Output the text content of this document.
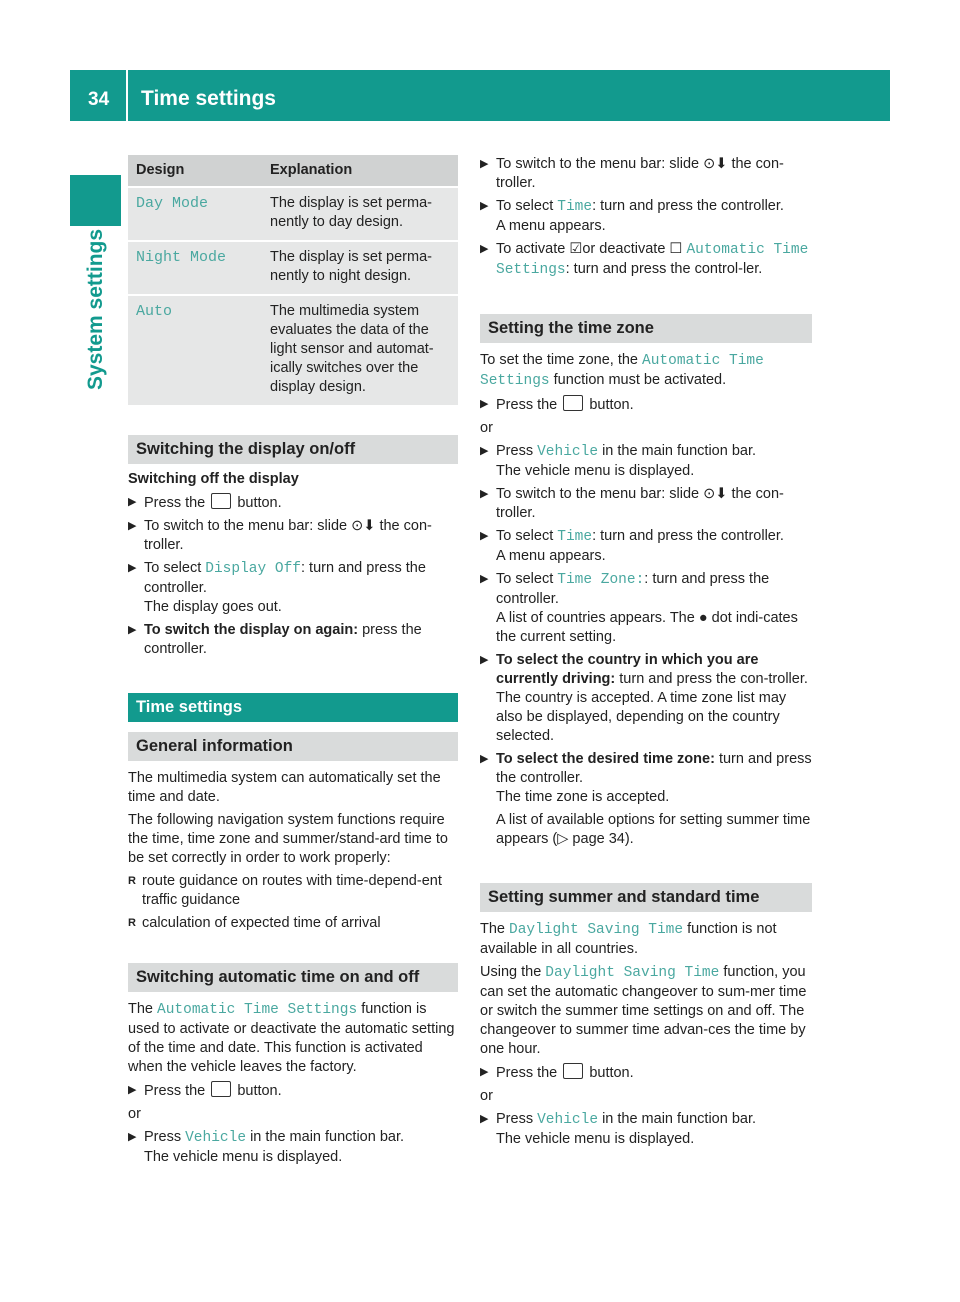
34 Time settings
System settings
Design	Explanation
Day Mode	The display is set perma-nently to day design.
Night Mode	The display is set perma-nently to night design.
Auto	The multimedia system evaluates the data of the light sensor and automat-ically switches over the display design.
Switching the display on/off

Switching off the display

▶ Press the button.

▶ To switch to the menu bar: slide ⊙⬇ the con-troller.

▶ To select Display Off: turn and press the controller.
The display goes out.

▶ To switch the display on again: press the controller.

Time settings
General information

The multimedia system can automatically set the time and date.

The following navigation system functions require the time, time zone and summer/stand-ard time to be set correctly in order to work properly:

R route guidance on routes with time-depend-ent traffic guidance

R calculation of expected time of arrival

Switching automatic time on and off

The Automatic Time Settings function is used to activate or deactivate the automatic setting of the time and date. This function is activated when the vehicle leaves the factory.

▶ Press the button.

or

▶ Press Vehicle in the main function bar.
The vehicle menu is displayed.

▶ To switch to the menu bar: slide ⊙⬇ the con-troller.

▶ To select Time: turn and press the controller.
A menu appears.

▶ To activate ☑or deactivate ☐ Automatic Time Settings: turn and press the control-ler.

Setting the time zone

To set the time zone, the Automatic Time Settings function must be activated.

▶ Press the button.

or

▶ Press Vehicle in the main function bar.
The vehicle menu is displayed.

▶ To switch to the menu bar: slide ⊙⬇ the con-troller.

▶ To select Time: turn and press the controller.
A menu appears.

▶ To select Time Zone:: turn and press the controller.
A list of countries appears. The ● dot indi-cates the current setting.

▶ To select the country in which you are currently driving: turn and press the con-troller.
The country is accepted. A time zone list may also be displayed, depending on the country selected.

▶ To select the desired time zone: turn and press the controller.
The time zone is accepted.

A list of available options for setting summer time appears (▷ page 34).

Setting summer and standard time

The Daylight Saving Time function is not available in all countries.

Using the Daylight Saving Time function, you can set the automatic changeover to sum-mer time or switch the summer time settings on and off. The changeover to summer time advan-ces the time by one hour.

▶ Press the button.

or

▶ Press Vehicle in the main function bar.
The vehicle menu is displayed.
